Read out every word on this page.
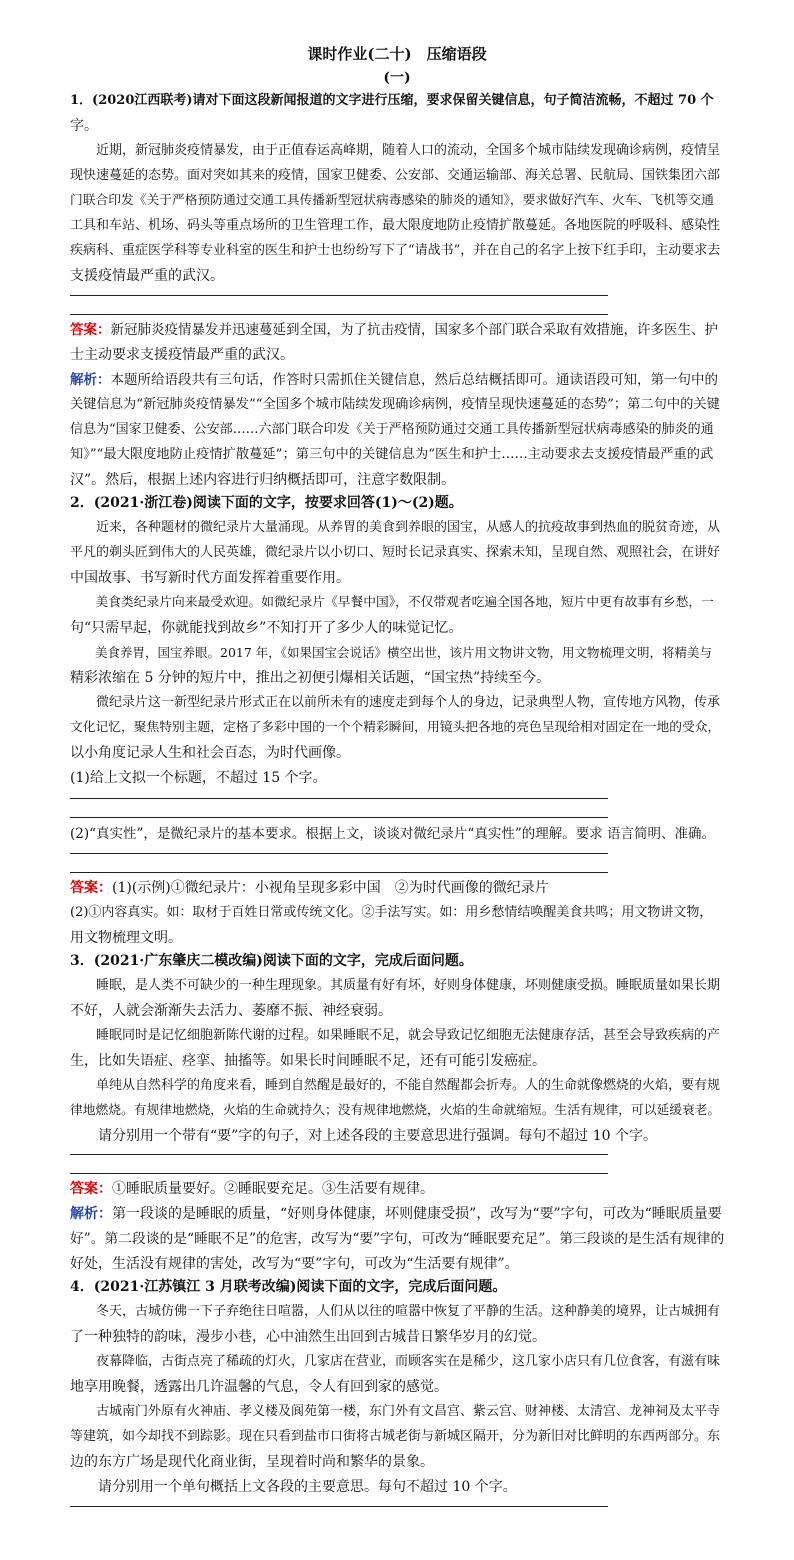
课时作业(二十)　压缩语段
(一)
1．(2020江西联考)请对下面这段新闻报道的文字进行压缩，要求保留关键信息，句子简洁流畅，不超过 70 个
字。
　　近期，新冠肺炎疫情暴发，由于正值春运高峰期，随着人口的流动，全国多个城市陆续发现确诊病例，疫情呈
现快速蔓延的态势。面对突如其来的疫情，国家卫健委、公安部、交通运输部、海关总署、民航局、国铁集团六部
门联合印发《关于严格预防通过交通工具传播新型冠状病毒感染的肺炎的通知》，要求做好汽车、火车、飞机等交通
工具和车站、机场、码头等重点场所的卫生管理工作，最大限度地防止疫情扩散蔓延。各地医院的呼吸科、感染性
疾病科、重症医学科等专业科室的医生和护士也纷纷写下了“请战书”，并在自己的名字上按下红手印，主动要求去
支援疫情最严重的武汉。
答案：新冠肺炎疫情暴发并迅速蔓延到全国，为了抗击疫情，国家多个部门联合采取有效措施，许多医生、护
士主动要求支援疫情最严重的武汉。
解析：本题所给语段共有三句话，作答时只需抓住关键信息，然后总结概括即可。通读语段可知，第一句中的
关键信息为“新冠肺炎疫情暴发”“全国多个城市陆续发现确诊病例，疫情呈现快速蔓延的态势”；第二句中的关键
信息为“国家卫健委、公安部……六部门联合印发《关于严格预防通过交通工具传播新型冠状病毒感染的肺炎的通
知》”“最大限度地防止疫情扩散蔓延”；第三句中的关键信息为“医生和护士……主动要求去支援疫情最严重的武
汉”。然后，根据上述内容进行归纳概括即可，注意字数限制。
2．(2021·浙江卷)阅读下面的文字，按要求回答(1)～(2)题。
　　近来，各种题材的微纪录片大量涌现。从养胃的美食到养眼的国宝，从感人的抗疫故事到热血的脱贫奇迹，从
平凡的剃头匠到伟大的人民英雄，微纪录片以小切口、短时长记录真实、探索未知，呈现自然、观照社会，在讲好
中国故事、书写新时代方面发挥着重要作用。
　　美食类纪录片向来最受欢迎。如微纪录片《早餐中国》，不仅带观者吃遍全国各地，短片中更有故事有乡愁，一
句“只需早起，你就能找到故乡”不知打开了多少人的味觉记忆。
　　美食养胃，国宝养眼。2017 年，《如果国宝会说话》横空出世，该片用文物讲文物，用文物梳理文明，将精美与
精彩浓缩在 5 分钟的短片中，推出之初便引爆相关话题，“国宝热”持续至今。
　　微纪录片这一新型纪录片形式正在以前所未有的速度走到每个人的身边，记录典型人物，宣传地方风物，传承
文化记忆，聚焦特别主题，定格了多彩中国的一个个精彩瞬间，用镜头把各地的亮色呈现给相对固定在一地的受众，
以小角度记录人生和社会百态，为时代画像。
(1)给上文拟一个标题，不超过 15 个字。
(2)“真实性”，是微纪录片的基本要求。根据上文，谈谈对微纪录片“真实性”的理解。要求 语言简明、准确。
答案：(1)(示例)①微纪录片：小视角呈现多彩中国　②为时代画像的微纪录片
(2)①内容真实。如：取材于百姓日常或传统文化。②手法写实。如：用乡愁情结唤醒美食共鸣；用文物讲文物，
用文物梳理文明。
3．(2021·广东肇庆二模改编)阅读下面的文字，完成后面问题。
　　睡眠，是人类不可缺少的一种生理现象。其质量有好有坏，好则身体健康，坏则健康受损。睡眠质量如果长期
不好，人就会渐渐失去活力、萎靡不振、神经衰弱。
　　睡眠同时是记忆细胞新陈代谢的过程。如果睡眠不足，就会导致记忆细胞无法健康存活，甚至会导致疾病的产
生，比如失语症、痉挛、抽搐等。如果长时间睡眠不足，还有可能引发癌症。
　　单纯从自然科学的角度来看，睡到自然醒是最好的，不能自然醒都会折寿。人的生命就像燃烧的火焰，要有规
律地燃烧。有规律地燃烧，火焰的生命就持久；没有规律地燃烧，火焰的生命就缩短。生活有规律，可以延缓衰老。
　　请分别用一个带有“要”字的句子，对上述各段的主要意思进行强调。每句不超过 10 个字。
答案：①睡眠质量要好。②睡眠要充足。③生活要有规律。
解析：第一段谈的是睡眠的质量，“好则身体健康，坏则健康受损”，改写为“要”字句，可改为“睡眠质量要
好”。第二段谈的是“睡眠不足”的危害，改写为“要”字句，可改为“睡眠要充足”。第三段谈的是生活有规律的
好处，生活没有规律的害处，改写为“要”字句，可改为“生活要有规律”。
4．(2021·江苏镇江 3 月联考改编)阅读下面的文字，完成后面问题。
　　冬天，古城仿佛一下子弃绝往日喧嚣，人们从以往的喧嚣中恢复了平静的生活。这种静美的境界，让古城拥有
了一种独特的韵味，漫步小巷，心中油然生出回到古城昔日繁华岁月的幻觉。
　　夜幕降临，古街点亮了稀疏的灯火，几家店在营业，而顾客实在是稀少，这几家小店只有几位食客，有滋有味
地享用晚餐，透露出几许温馨的气息，令人有回到家的感觉。
　　古城南门外原有火神庙、孝义楼及阆苑第一楼，东门外有文昌宫、紫云宫、财神楼、太清宫、龙神祠及太平寺
等建筑，如今却找不到踪影。现在只看到盐市口街将古城老街与新城区隔开，分为新旧对比鲜明的东西两部分。东
边的东方广场是现代化商业街，呈现着时尚和繁华的景象。
　　请分别用一个单句概括上文各段的主要意思。每句不超过 10 个字。
